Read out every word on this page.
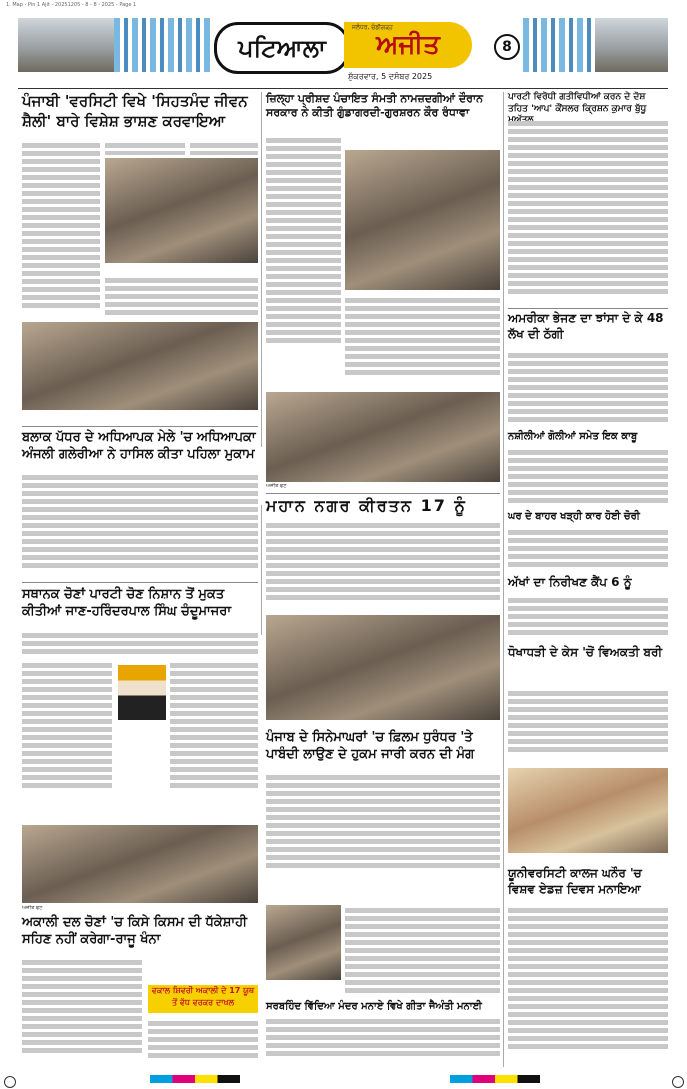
1. Map - Pin 1 Ajit - 20251205 - 8 - 8 - 2025 - Page 1
ਪਟਿਆਲਾ
ਜਲੰਧਰ, ਚੰਡੀਗੜ੍ਹ
ਅਜੀਤ
ਸ਼ੁੱਕਰਵਾਰ, 5 ਦਸੰਬਰ 2025
8
ਪੰਜਾਬੀ 'ਵਰਸਿਟੀ ਵਿਖੇ 'ਸਿਹਤਮੰਦ ਜੀਵਨ ਸ਼ੈਲੀ' ਬਾਰੇ ਵਿਸ਼ੇਸ਼ ਭਾਸ਼ਣ ਕਰਵਾਇਆ
ਬਲਾਕ ਪੱਧਰ ਦੇ ਅਧਿਆਪਕ ਮੇਲੇ 'ਚ ਅਧਿਆਪਕਾ ਅੰਜਲੀ ਗਲੇਰੀਆ ਨੇ ਹਾਸਿਲ ਕੀਤਾ ਪਹਿਲਾ ਮੁਕਾਮ
ਸਥਾਨਕ ਚੋਣਾਂ ਪਾਰਟੀ ਚੋਣ ਨਿਸ਼ਾਨ ਤੋਂ ਮੁਕਤ ਕੀਤੀਆਂ ਜਾਣ-ਹਰਿੰਦਰਪਾਲ ਸਿੰਘ ਚੰਦੂਮਾਜਰਾ
ਅਜੀਤ ਫੋਟੋ
ਅਕਾਲੀ ਦਲ ਚੋਣਾਂ 'ਚ ਕਿਸੇ ਕਿਸਮ ਦੀ ਧੱਕੇਸ਼ਾਹੀ ਸਹਿਣ ਨਹੀਂ ਕਰੇਗਾ-ਰਾਜੂ ਖੰਨਾ
ਵਕਾਲ ਸ਼ਿਵਰੀ ਅਕਾਲੀ ਦੇ 17 ਯੂਥ ਤੋਂ ਵੱਧ ਵਰਕਰ ਦਾਖਲ
ਜ਼ਿਲ੍ਹਾ ਪ੍ਰੀਸ਼ਦ ਪੰਚਾਇਤ ਸੰਮਤੀ ਨਾਮਜ਼ਦਗੀਆਂ ਦੌਰਾਨ ਸਰਕਾਰ ਨੇ ਕੀਤੀ ਗੁੰਡਾਗਰਦੀ-ਗੁਰਸ਼ਰਨ ਕੌਰ ਰੰਧਾਵਾ
ਅਜੀਤ ਫੋਟੋ
ਮਹਾਨ ਨਗਰ ਕੀਰਤਨ 17 ਨੂੰ
ਪੰਜਾਬ ਦੇ ਸਿਨੇਮਾਘਰਾਂ 'ਚ ਫ਼ਿਲਮ ਧੁਰੰਧਰ 'ਤੇ ਪਾਬੰਦੀ ਲਾਉਣ ਦੇ ਹੁਕਮ ਜਾਰੀ ਕਰਨ ਦੀ ਮੰਗ
ਸਰਬਹਿੰਦ ਵਿੱਦਿਆ ਮੰਦਰ ਮਨਾਏ ਵਿਖੇ ਗੀਤਾ ਜੈਅੰਤੀ ਮਨਾਈ
ਪਾਰਟੀ ਵਿਰੋਧੀ ਗਤੀਵਿਧੀਆਂ ਕਰਨ ਦੇ ਦੋਸ਼ ਤਹਿਤ 'ਆਪ' ਕੌਂਸਲਰ ਕ੍ਰਿਸ਼ਨ ਕੁਮਾਰ ਬੁੱਧੂ
ਅਮਰੀਕਾ ਭੇਜਣ ਦਾ ਝਾਂਸਾ ਦੇ ਕੇ 48 ਲੱਖ ਦੀ ਠੱਗੀ
ਨਸ਼ੀਲੀਆਂ ਗੋਲੀਆਂ ਸਮੇਤ ਇਕ ਕਾਬੂ
ਘਰ ਦੇ ਬਾਹਰ ਖੜ੍ਹੀ ਕਾਰ ਹੋਈ ਚੋਰੀ
ਅੱਖਾਂ ਦਾ ਨਿਰੀਖਣ ਕੈਂਪ 6 ਨੂੰ
ਧੋਖਾਧੜੀ ਦੇ ਕੇਸ 'ਚੋਂ ਵਿਅਕਤੀ ਬਰੀ
ਯੂਨੀਵਰਸਿਟੀ ਕਾਲਜ ਘਨੌਰ 'ਚ ਵਿਸ਼ਵ ਏਡਜ਼ ਦਿਵਸ ਮਨਾਇਆ
